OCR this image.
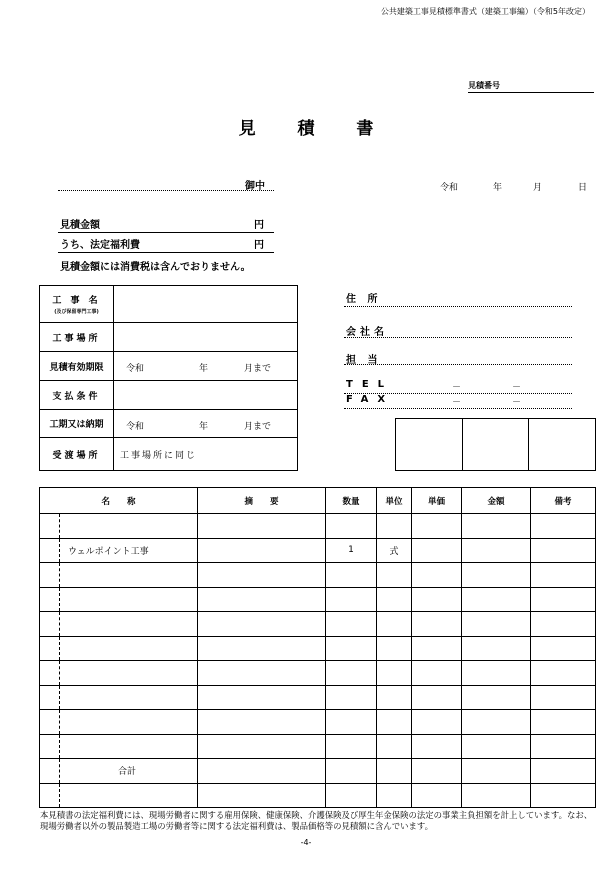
公共建築工事見積標準書式（建築工事編）（令和5年改定）
見積番号
見 積 書
御中	令和	年	月	日
見積金額	円
うち、法定福利費	円
見積金額には消費税は含んでおりません。
工 事 名
(及び保留専門工事)	

工事場所	
見積有効期限	令和 年 月まで

支払条件	
工期又は納期	令和 年 月まで

受渡場所	工事場所に同じ
住 所
会社名
担 当
TEL	－	－
FAX	－	－
名　　称	摘　　要	数量	単位	単価	金額	備考

ウェルポイント工事		1	式			

合計						

本見積書の法定福利費には、現場労働者に関する雇用保険、健康保険、介護保険及び厚生年金保険の法定の事業主負担額を計上しています。なお、現場労働者以外の製品製造工場の労働者等に関する法定福利費は、製品価格等の見積額に含んでいます。
-4-
